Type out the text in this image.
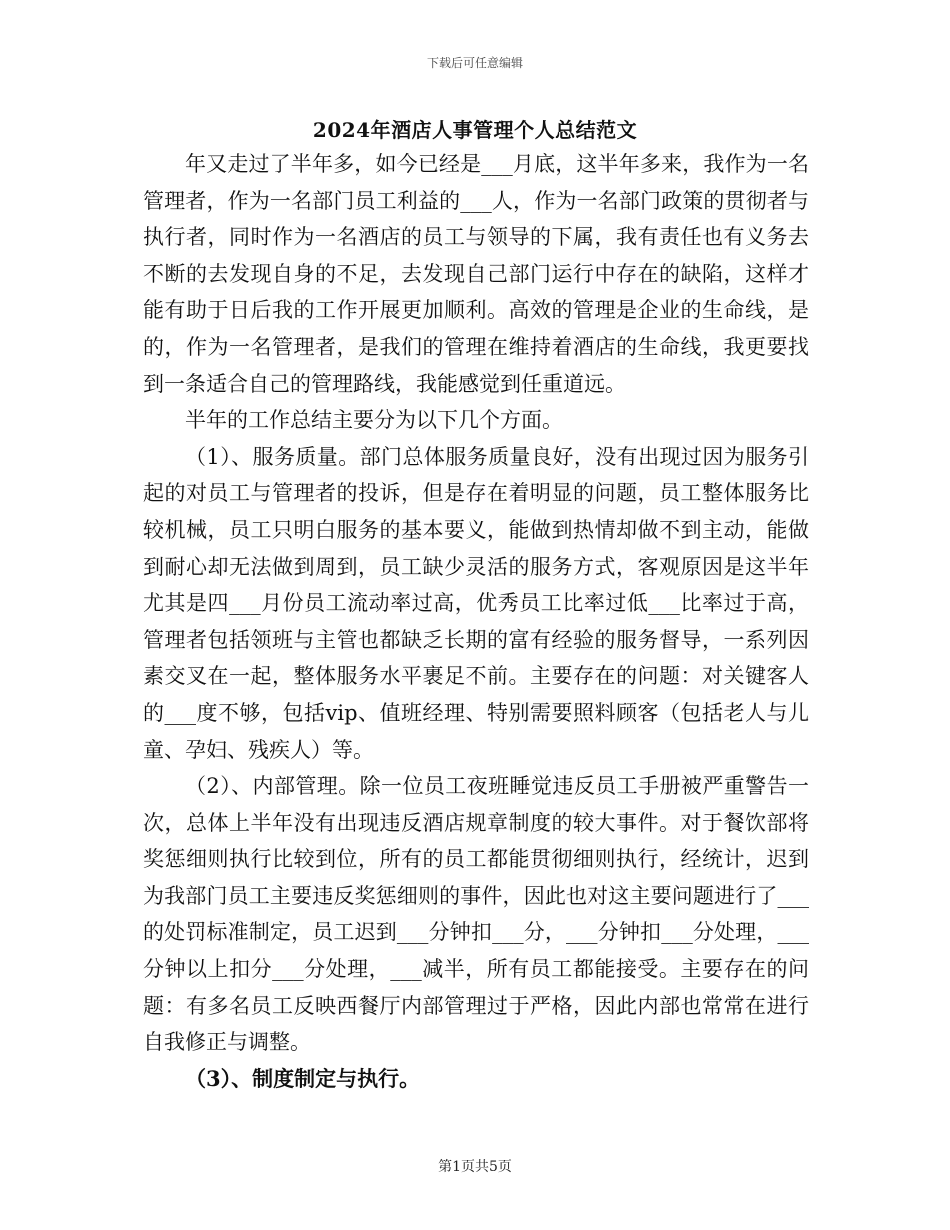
下载后可任意编辑
2024年酒店人事管理个人总结范文

年又走过了半年多，如今已经是___月底，这半年多来，我作为一名管理者，作为一名部门员工利益的___人，作为一名部门政策的贯彻者与执行者，同时作为一名酒店的员工与领导的下属，我有责任也有义务去不断的去发现自身的不足，去发现自己部门运行中存在的缺陷，这样才能有助于日后我的工作开展更加顺利。高效的管理是企业的生命线，是的，作为一名管理者，是我们的管理在维持着酒店的生命线，我更要找到一条适合自己的管理路线，我能感觉到任重道远。

半年的工作总结主要分为以下几个方面。

（1）、服务质量。部门总体服务质量良好，没有出现过因为服务引起的对员工与管理者的投诉，但是存在着明显的问题，员工整体服务比较机械，员工只明白服务的基本要义，能做到热情却做不到主动，能做到耐心却无法做到周到，员工缺少灵活的服务方式，客观原因是这半年尤其是四___月份员工流动率过高，优秀员工比率过低___比率过于高，管理者包括领班与主管也都缺乏长期的富有经验的服务督导，一系列因素交叉在一起，整体服务水平裹足不前。主要存在的问题：对关键客人的___度不够，包括vip、值班经理、特别需要照料顾客（包括老人与儿童、孕妇、残疾人）等。

（2）、内部管理。除一位员工夜班睡觉违反员工手册被严重警告一次，总体上半年没有出现违反酒店规章制度的较大事件。对于餐饮部将奖惩细则执行比较到位，所有的员工都能贯彻细则执行，经统计，迟到为我部门员工主要违反奖惩细则的事件，因此也对这主要问题进行了___的处罚标准制定，员工迟到___分钟扣___分，___分钟扣___分处理，___分钟以上扣分___分处理，___减半，所有员工都能接受。主要存在的问题：有多名员工反映西餐厅内部管理过于严格，因此内部也常常在进行自我修正与调整。

（3）、制度制定与执行。

第1页共5页
